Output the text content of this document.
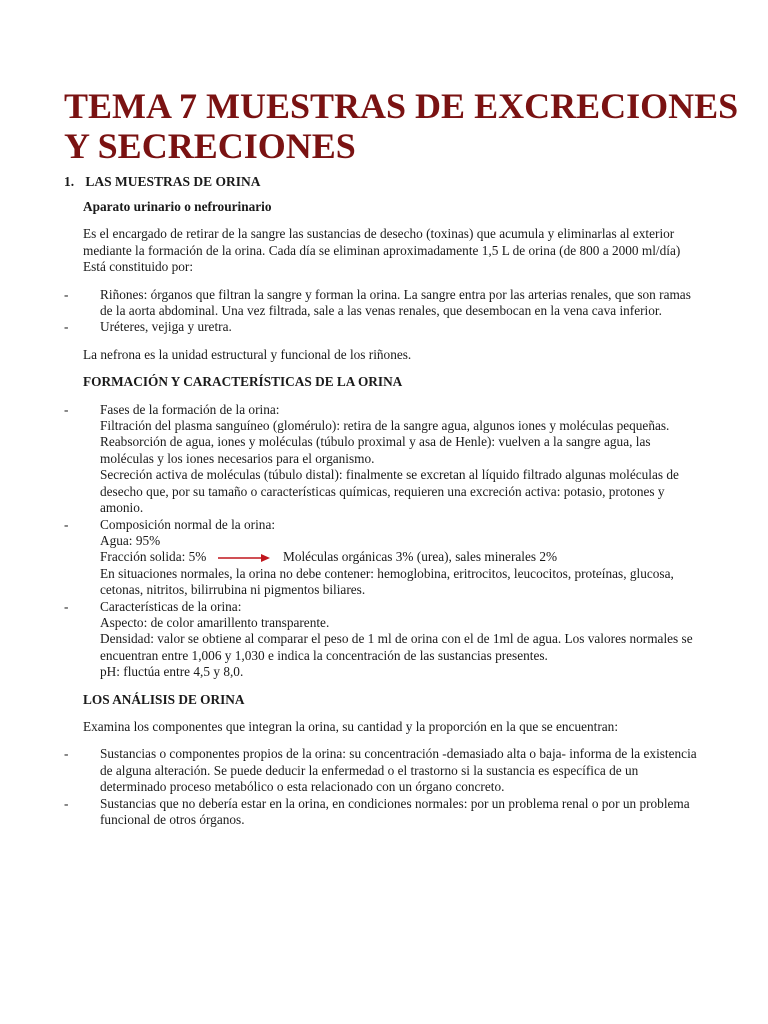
TEMA 7 MUESTRAS DE EXCRECIONES
Y SECRECIONES
1. LAS MUESTRAS DE ORINA
Aparato urinario o nefrourinario
Es el encargado de retirar de la sangre las sustancias de desecho (toxinas) que acumula y eliminarlas al exterior mediante la formación de la orina. Cada día se eliminan aproximadamente 1,5 L de orina (de 800 a 2000 ml/día) Está constituido por:
- Riñones: órganos que filtran la sangre y forman la orina. La sangre entra por las arterias renales, que son ramas de la aorta abdominal. Una vez filtrada, sale a las venas renales, que desembocan en la vena cava inferior.
- Uréteres, vejiga y uretra.
La nefrona es la unidad estructural y funcional de los riñones.
FORMACIÓN Y CARACTERÍSTICAS DE LA ORINA
- Fases de la formación de la orina:
Filtración del plasma sanguíneo (glomérulo): retira de la sangre agua, algunos iones y moléculas pequeñas.
Reabsorción de agua, iones y moléculas (túbulo proximal y asa de Henle): vuelven a la sangre agua, las moléculas y los iones necesarios para el organismo.
Secreción activa de moléculas (túbulo distal): finalmente se excretan al líquido filtrado algunas moléculas de desecho que, por su tamaño o características químicas, requieren una excreción activa: potasio, protones y amonio.
- Composición normal de la orina:
Agua: 95%
Fracción solida: 5%	Moléculas orgánicas 3% (urea), sales minerales 2%
En situaciones normales, la orina no debe contener: hemoglobina, eritrocitos, leucocitos, proteínas, glucosa, cetonas, nitritos, bilirrubina ni pigmentos biliares.
- Características de la orina:
Aspecto: de color amarillento transparente.
Densidad: valor se obtiene al comparar el peso de 1 ml de orina con el de 1ml de agua. Los valores normales se encuentran entre 1,006 y 1,030 e indica la concentración de las sustancias presentes.
pH: fluctúa entre 4,5 y 8,0.
LOS ANÁLISIS DE ORINA
Examina los componentes que integran la orina, su cantidad y la proporción en la que se encuentran:
- Sustancias o componentes propios de la orina: su concentración -demasiado alta o baja- informa de la existencia de alguna alteración. Se puede deducir la enfermedad o el trastorno si la sustancia es específica de un determinado proceso metabólico o esta relacionado con un órgano concreto.
- Sustancias que no debería estar en la orina, en condiciones normales: por un problema renal o por un problema funcional de otros órganos.
